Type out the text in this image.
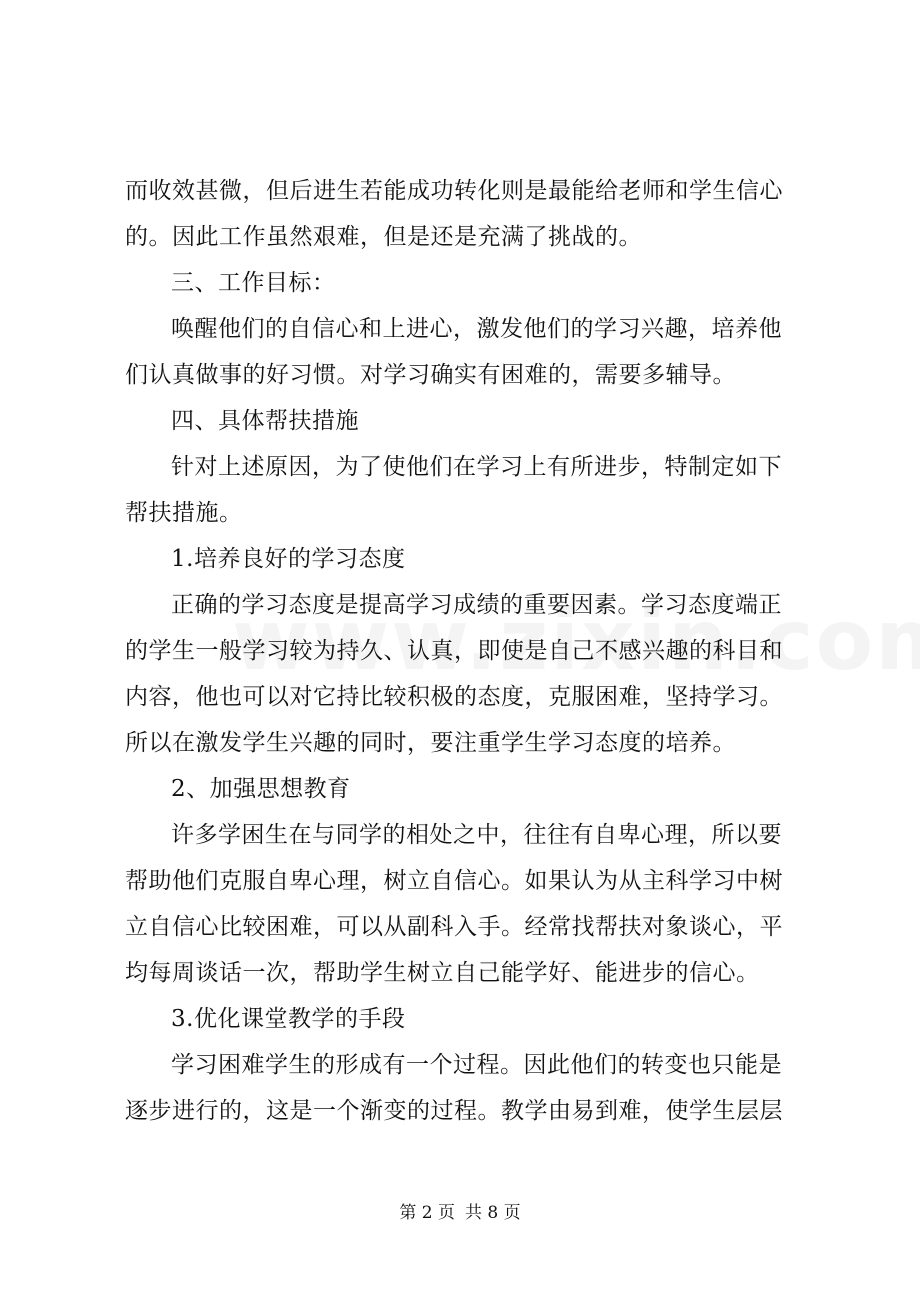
而收效甚微，但后进生若能成功转化则是最能给老师和学生信心
的。因此工作虽然艰难，但是还是充满了挑战的。
三、工作目标：
唤醒他们的自信心和上进心，激发他们的学习兴趣，培养他
们认真做事的好习惯。对学习确实有困难的，需要多辅导。
四、具体帮扶措施
针对上述原因，为了使他们在学习上有所进步，特制定如下
帮扶措施。
1.培养良好的学习态度
正确的学习态度是提高学习成绩的重要因素。学习态度端正
的学生一般学习较为持久、认真，即使是自己不感兴趣的科目和
内容，他也可以对它持比较积极的态度，克服困难，坚持学习。
所以在激发学生兴趣的同时，要注重学生学习态度的培养。
2、加强思想教育
许多学困生在与同学的相处之中，往往有自卑心理，所以要
帮助他们克服自卑心理，树立自信心。如果认为从主科学习中树
立自信心比较困难，可以从副科入手。经常找帮扶对象谈心，平
均每周谈话一次，帮助学生树立自己能学好、能进步的信心。
3.优化课堂教学的手段
学习困难学生的形成有一个过程。因此他们的转变也只能是
逐步进行的，这是一个渐变的过程。教学由易到难，使学生层层
第 2 页 共 8 页
